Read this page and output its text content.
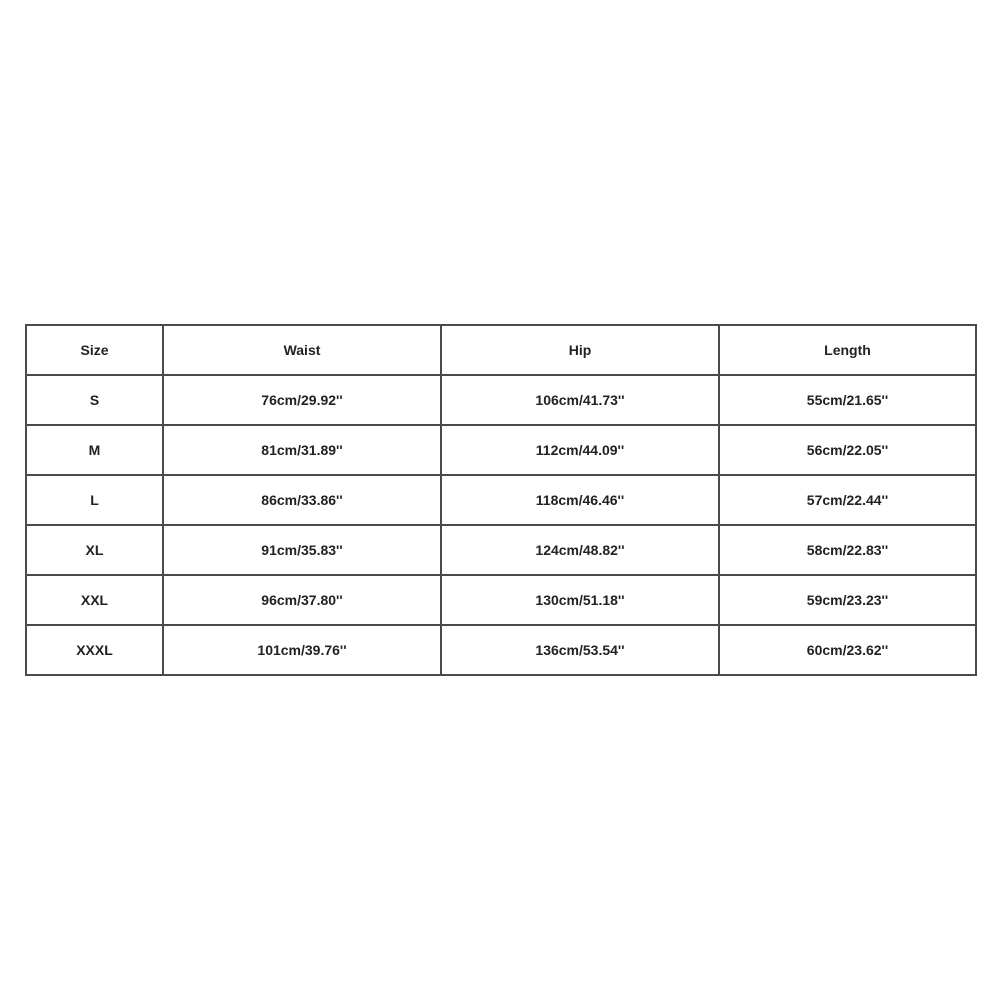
Size	Waist	Hip	Length
S	76cm/29.92''	106cm/41.73''	55cm/21.65''
M	81cm/31.89''	112cm/44.09''	56cm/22.05''
L	86cm/33.86''	118cm/46.46''	57cm/22.44''
XL	91cm/35.83''	124cm/48.82''	58cm/22.83''
XXL	96cm/37.80''	130cm/51.18''	59cm/23.23''
XXXL	101cm/39.76''	136cm/53.54''	60cm/23.62''
